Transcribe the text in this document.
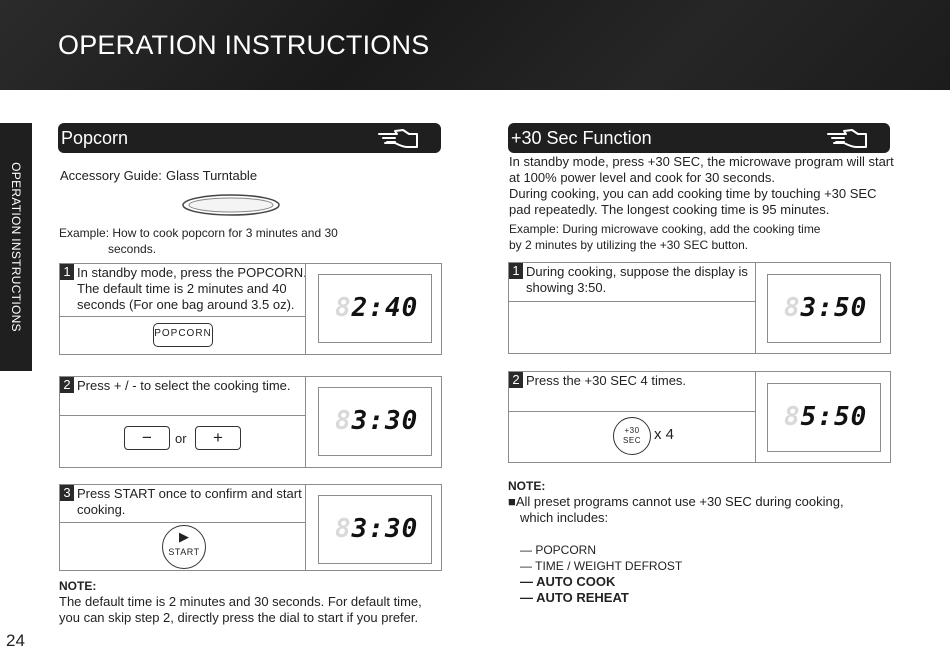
OPERATION INSTRUCTIONS
OPERATION INSTRUCTIONS
24
Popcorn
Accessory Guide: Glass Turntable
Example: How to cook popcorn for 3 minutes and 30
seconds.
1 In standby mode, press the POPCORN.
The default time is 2 minutes and 40
seconds (For one bag around 3.5 oz).	82:40
POPCORN
2 Press + / - to select the cooking time.
83:30
−	or	+
3 Press START once to confirm and start
cooking.
83:30
▶
START
NOTE:
The default time is 2 minutes and 30 seconds. For default time,
you can skip step 2, directly press the dial to start if you prefer.
+30 Sec Function
In standby mode, press +30 SEC, the microwave program will start
at 100% power level and cook for 30 seconds.
During cooking, you can add cooking time by touching +30 SEC
pad repeatedly. The longest cooking time is 95 minutes.
Example: During microwave cooking, add the cooking time
by 2 minutes by utilizing the +30 SEC button.
1 During cooking, suppose the display is
showing 3:50.
83:50
2 Press the +30 SEC 4 times.
85:50
+30
SEC x 4
NOTE:
■All preset programs cannot use +30 SEC during cooking,
which includes:
— POPCORN
— TIME / WEIGHT DEFROST
— AUTO COOK
— AUTO REHEAT
